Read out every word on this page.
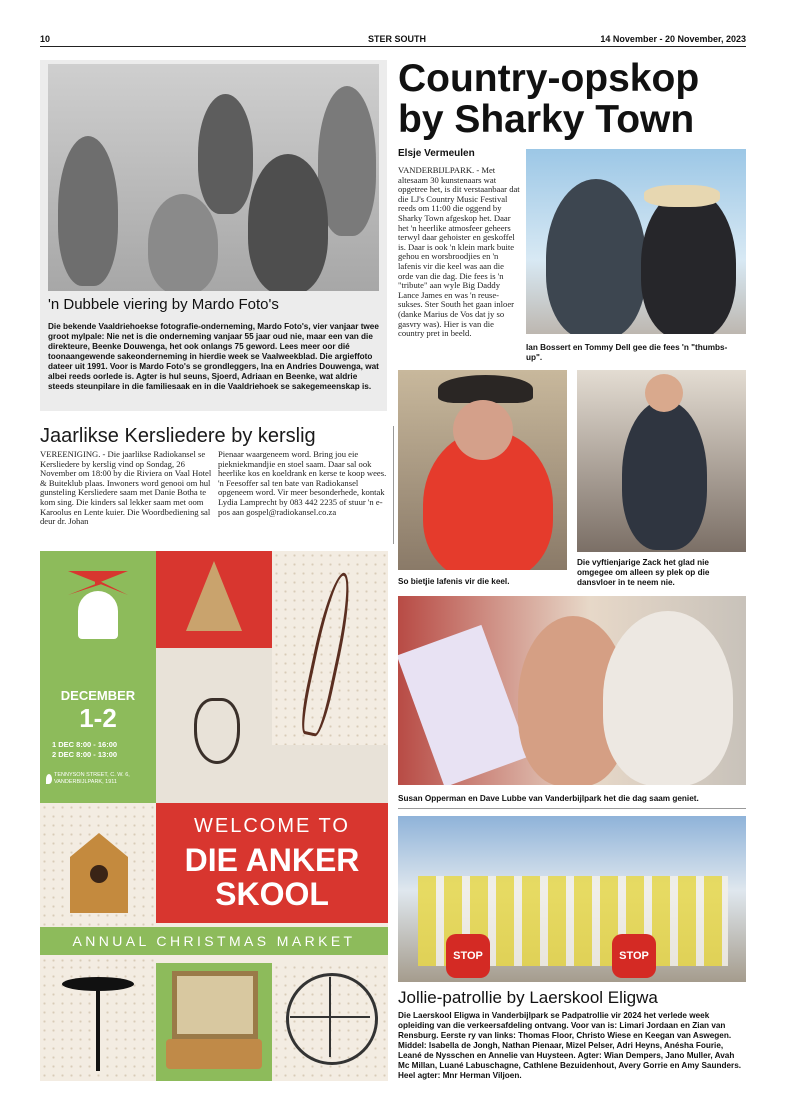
10	STER SOUTH	14 November - 20 November, 2023
'n Dubbele viering by Mardo Foto's
Die bekende Vaaldriehoekse fotografie-onderneming, Mardo Foto's, vier vanjaar twee groot mylpale: Nie net is die onderneming vanjaar 55 jaar oud nie, maar een van die direkteure, Beenke Douwenga, het ook onlangs 75 geword. Lees meer oor dié toonaangewende sakeonderneming in hierdie week se Vaalweekblad. Die argieffoto dateer uit 1991. Voor is Mardo Foto's se grondleggers, Ina en Andries Douwenga, wat albei reeds oorlede is. Agter is hul seuns, Sjoerd, Adriaan en Beenke, wat aldrie steeds steunpilare in die familiesaak en in die Vaaldriehoek se sakegemeenskap is.
Country-opskop by Sharky Town
Elsje Vermeulen
VANDERBIJLPARK. - Met altesaam 30 kunstenaars wat opgetree het, is dit verstaanbaar dat die LJ's Country Music Festival reeds om 11:00 die oggend by Sharky Town afgeskop het. Daar het 'n heerlike atmosfeer geheers terwyl daar gehoister en geskoffel is. Daar is ook 'n klein mark buite gehou en worsbroodjies en 'n lafenis vir die keel was aan die orde van die dag. Die fees is 'n "tribute" aan wyle Big Daddy Lance James en was 'n reuse-sukses. Ster South het gaan inloer (danke Marius de Vos dat jy so gasvry was). Hier is van die country pret in beeld.
Ian Bossert en Tommy Dell gee die fees 'n "thumbs-up".
Jaarlikse Kersliedere by kerslig
VEREENIGING. - Die jaarlikse Radiokansel se Kersliedere by kerslig vind op Sondag, 26 November om 18:00 by die Riviera on Vaal Hotel & Buiteklub plaas. Inwoners word genooi om hul gunsteling Kersliedere saam met Danie Botha te kom sing. Die kinders sal lekker saam met oom Karoolus en Lente kuier. Die Woordbediening sal deur dr. Johan
Pienaar waargeneem word. Bring jou eie piekniekmandjie en stoel saam. Daar sal ook heerlike kos en koeldrank en kerse te koop wees. 'n Feesoffer sal ten bate van Radiokansel opgeneem word. Vir meer besonderhede, kontak Lydia Lamprecht by 083 442 2235 of stuur 'n e-pos aan gospel@radiokansel.co.za
So bietjie lafenis vir die keel.
Die vyftienjarige Zack het glad nie omgegee om alleen sy plek op die dansvloer in te neem nie.
Susan Opperman en Dave Lubbe van Vanderbijlpark het die dag saam geniet.
STOP	STOP
Jollie-patrollie by Laerskool Eligwa
Die Laerskool Eligwa in Vanderbijlpark se Padpatrollie vir 2024 het verlede week opleiding van die verkeersafdeling ontvang. Voor van is: Limari Jordaan en Zian van Rensburg. Eerste ry van links: Thomas Floor, Christo Wiese en Keegan van Aswegen. Middel: Isabella de Jongh, Nathan Pienaar, Mizel Pelser, Adri Heyns, Anésha Fourie, Leané de Nysschen en Annelie van Huysteen. Agter: Wian Dempers, Jano Muller, Avah Mc Millan, Luané Labuschagne, Cathlene Bezuidenhout, Avery Gorrie en Amy Saunders. Heel agter: Mnr Herman Viljoen.
DECEMBER
1-2
1 DEC 8:00 - 16:00
2 DEC 8:00 - 13:00
TENNYSON STREET, C. W. 6,
VANDERBIJLPARK, 1911
WELCOME TO
DIE ANKER
SKOOL
ANNUAL CHRISTMAS MARKET
